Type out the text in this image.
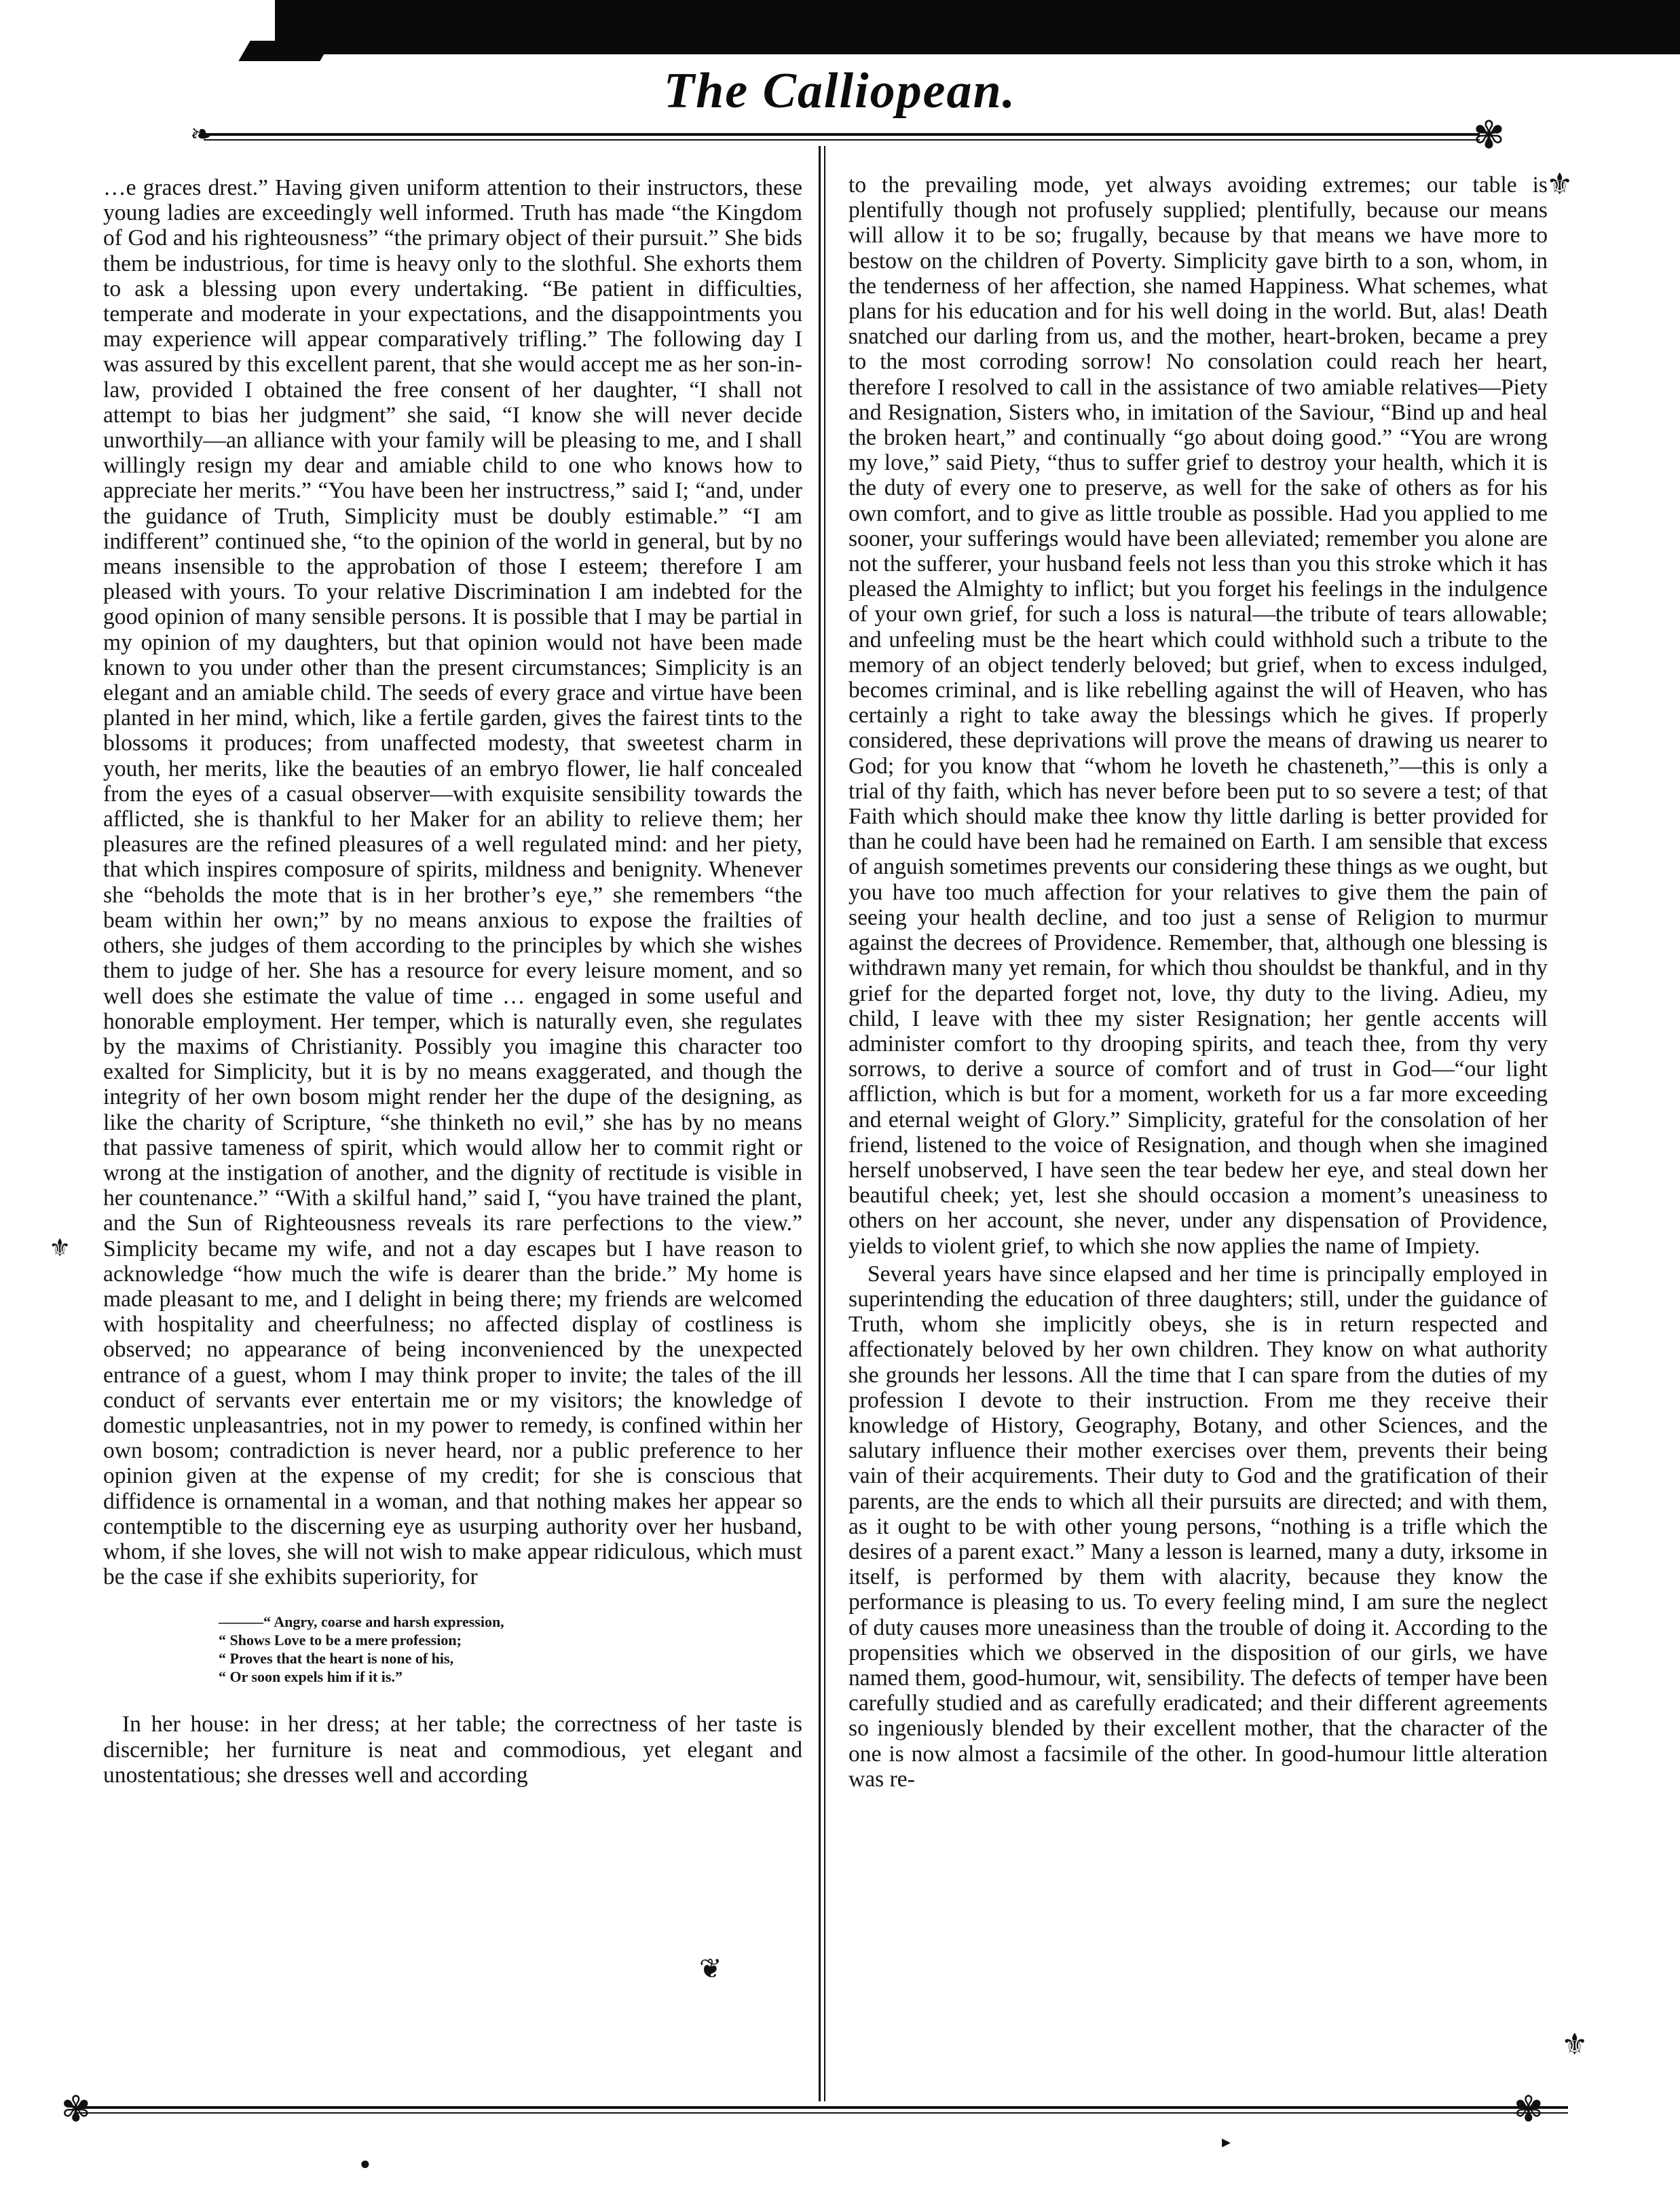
The Calliopean.
❧	✾
⚜
⚜
⚜
✾	✾
❦
●
▸

…e graces drest.” Having given uniform attention to their instructors, these young ladies are exceedingly well informed. Truth has made “the Kingdom of God and his righteousness” “the primary object of their pursuit.” She bids them be industrious, for time is heavy only to the slothful. She exhorts them to ask a blessing upon every undertaking. “Be patient in difficulties, temperate and moderate in your expectations, and the disappointments you may experience will appear comparatively trifling.” The following day I was assured by this excellent parent, that she would accept me as her son-in-law, provided I obtained the free consent of her daughter, “I shall not attempt to bias her judgment” she said, “I know she will never decide unworthily—an alliance with your family will be pleasing to me, and I shall willingly resign my dear and amiable child to one who knows how to appreciate her merits.” “You have been her instructress,” said I; “and, under the guidance of Truth, Simplicity must be doubly estimable.” “I am indifferent” continued she, “to the opinion of the world in general, but by no means insensible to the approbation of those I esteem; therefore I am pleased with yours. To your relative Discrimination I am indebted for the good opinion of many sensible persons. It is possible that I may be partial in my opinion of my daughters, but that opinion would not have been made known to you under other than the present circumstances; Simplicity is an elegant and an amiable child. The seeds of every grace and virtue have been planted in her mind, which, like a fertile garden, gives the fairest tints to the blossoms it produces; from unaffected modesty, that sweetest charm in youth, her merits, like the beauties of an embryo flower, lie half concealed from the eyes of a casual observer—with exquisite sensibility towards the afflicted, she is thankful to her Maker for an ability to relieve them; her pleasures are the refined pleasures of a well regulated mind: and her piety, that which inspires composure of spirits, mildness and benignity. Whenever she “beholds the mote that is in her brother’s eye,” she remembers “the beam within her own;” by no means anxious to expose the frailties of others, she judges of them according to the principles by which she wishes them to judge of her. She has a resource for every leisure moment, and so well does she estimate the value of time … engaged in some useful and honorable employment. Her temper, which is naturally even, she regulates by the maxims of Christianity. Possibly you imagine this character too exalted for Simplicity, but it is by no means exaggerated, and though the integrity of her own bosom might render her the dupe of the designing, as like the charity of Scripture, “she thinketh no evil,” she has by no means that passive tameness of spirit, which would allow her to commit right or wrong at the instigation of another, and the dignity of rectitude is visible in her countenance.” “With a skilful hand,” said I, “you have trained the plant, and the Sun of Righteousness reveals its rare perfections to the view.” Simplicity became my wife, and not a day escapes but I have reason to acknowledge “how much the wife is dearer than the bride.” My home is made pleasant to me, and I delight in being there; my friends are welcomed with hospitality and cheerfulness; no affected display of costliness is observed; no appearance of being inconvenienced by the unexpected entrance of a guest, whom I may think proper to invite; the tales of the ill conduct of servants ever entertain me or my visitors; the knowledge of domestic unpleasantries, not in my power to remedy, is confined within her own bosom; contradiction is never heard, nor a public preference to her opinion given at the expense of my credit; for she is conscious that diffidence is ornamental in a woman, and that nothing makes her appear so contemptible to the discerning eye as usurping authority over her husband, whom, if she loves, she will not wish to make appear ridiculous, which must be the case if she exhibits superiority, for

———“ Angry, coarse and harsh expression,
“ Shows Love to be a mere profession;
“ Proves that the heart is none of his,
“ Or soon expels him if it is.”

In her house: in her dress; at her table; the correctness of her taste is discernible; her furniture is neat and commodious, yet elegant and unostentatious; she dresses well and according

to the prevailing mode, yet always avoiding extremes; our table is plentifully though not profusely supplied; plentifully, because our means will allow it to be so; frugally, because by that means we have more to bestow on the children of Poverty. Simplicity gave birth to a son, whom, in the tenderness of her affection, she named Happiness. What schemes, what plans for his education and for his well doing in the world. But, alas! Death snatched our darling from us, and the mother, heart-broken, became a prey to the most corroding sorrow! No consolation could reach her heart, therefore I resolved to call in the assistance of two amiable relatives—Piety and Resignation, Sisters who, in imitation of the Saviour, “Bind up and heal the broken heart,” and continually “go about doing good.” “You are wrong my love,” said Piety, “thus to suffer grief to destroy your health, which it is the duty of every one to preserve, as well for the sake of others as for his own comfort, and to give as little trouble as possible. Had you applied to me sooner, your sufferings would have been alleviated; remember you alone are not the sufferer, your husband feels not less than you this stroke which it has pleased the Almighty to inflict; but you forget his feelings in the indulgence of your own grief, for such a loss is natural—the tribute of tears allowable; and unfeeling must be the heart which could withhold such a tribute to the memory of an object tenderly beloved; but grief, when to excess indulged, becomes criminal, and is like rebelling against the will of Heaven, who has certainly a right to take away the blessings which he gives. If properly considered, these deprivations will prove the means of drawing us nearer to God; for you know that “whom he loveth he chasteneth,”—this is only a trial of thy faith, which has never before been put to so severe a test; of that Faith which should make thee know thy little darling is better provided for than he could have been had he remained on Earth. I am sensible that excess of anguish sometimes prevents our considering these things as we ought, but you have too much affection for your relatives to give them the pain of seeing your health decline, and too just a sense of Religion to murmur against the decrees of Providence. Remember, that, although one blessing is withdrawn many yet remain, for which thou shouldst be thankful, and in thy grief for the departed forget not, love, thy duty to the living. Adieu, my child, I leave with thee my sister Resignation; her gentle accents will administer comfort to thy drooping spirits, and teach thee, from thy very sorrows, to derive a source of comfort and of trust in God—“our light affliction, which is but for a moment, worketh for us a far more exceeding and eternal weight of Glory.” Simplicity, grateful for the consolation of her friend, listened to the voice of Resignation, and though when she imagined herself unobserved, I have seen the tear bedew her eye, and steal down her beautiful cheek; yet, lest she should occasion a moment’s uneasiness to others on her account, she never, under any dispensation of Providence, yields to violent grief, to which she now applies the name of Impiety.

Several years have since elapsed and her time is principally employed in superintending the education of three daughters; still, under the guidance of Truth, whom she implicitly obeys, she is in return respected and affectionately beloved by her own children. They know on what authority she grounds her lessons. All the time that I can spare from the duties of my profession I devote to their instruction. From me they receive their knowledge of History, Geography, Botany, and other Sciences, and the salutary influence their mother exercises over them, prevents their being vain of their acquirements. Their duty to God and the gratification of their parents, are the ends to which all their pursuits are directed; and with them, as it ought to be with other young persons, “nothing is a trifle which the desires of a parent exact.” Many a lesson is learned, many a duty, irksome in itself, is performed by them with alacrity, because they know the performance is pleasing to us. To every feeling mind, I am sure the neglect of duty causes more uneasiness than the trouble of doing it. According to the propensities which we observed in the disposition of our girls, we have named them, good-humour, wit, sensibility. The defects of temper have been carefully studied and as carefully eradicated; and their different agreements so ingeniously blended by their excellent mother, that the character of the one is now almost a facsimile of the other. In good-humour little alteration was re-
